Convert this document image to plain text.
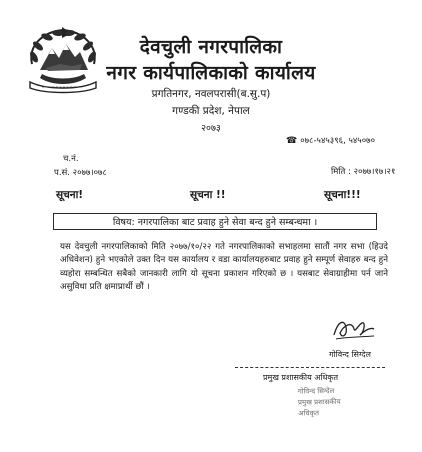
देवचुली नगरपालिका
नगर कार्यपालिकाको कार्यालय
प्रगतिनगर, नवलपरासी(ब.सु.प)
गण्डकी प्रदेश, नेपाल
२०७३
☎ ०७८-५४५३९६, ५४५०७०
च.नं.
प.सं. २०७७।०७८	मिति : २०७७।१७।२१
सूचना!	सूचना !!	सूचना!!!
विषय: नगरपालिका बाट प्रवाह हुने सेवा बन्द हुने सम्बन्धमा ।
यस देवचुली नगरपालिकाको मिति २०७७/१०/२२ गते नगरपालिकाको सभाहलमा सातौं नगर सभा (हिउदे अधिवेशन) हुने भएकोले उक्त दिन यस कार्यालय र वडा कार्यालयहरुबाट प्रवाह हुने सम्पूर्ण सेवाहरु बन्द हुने व्यहोरा सम्बन्धित सबैको जानकारी लागि यो सूचना प्रकाशन गरिएको छ । यसबाट सेवाग्राहीमा पर्न जाने असुविधा प्रति क्षमाप्रार्थी छौं ।
गोविन्द सिग्देल
प्रमुख प्रशासकीय अधिकृत
गोविन्द सिग्देल
प्रमुख प्रशासकीय अधिकृत
